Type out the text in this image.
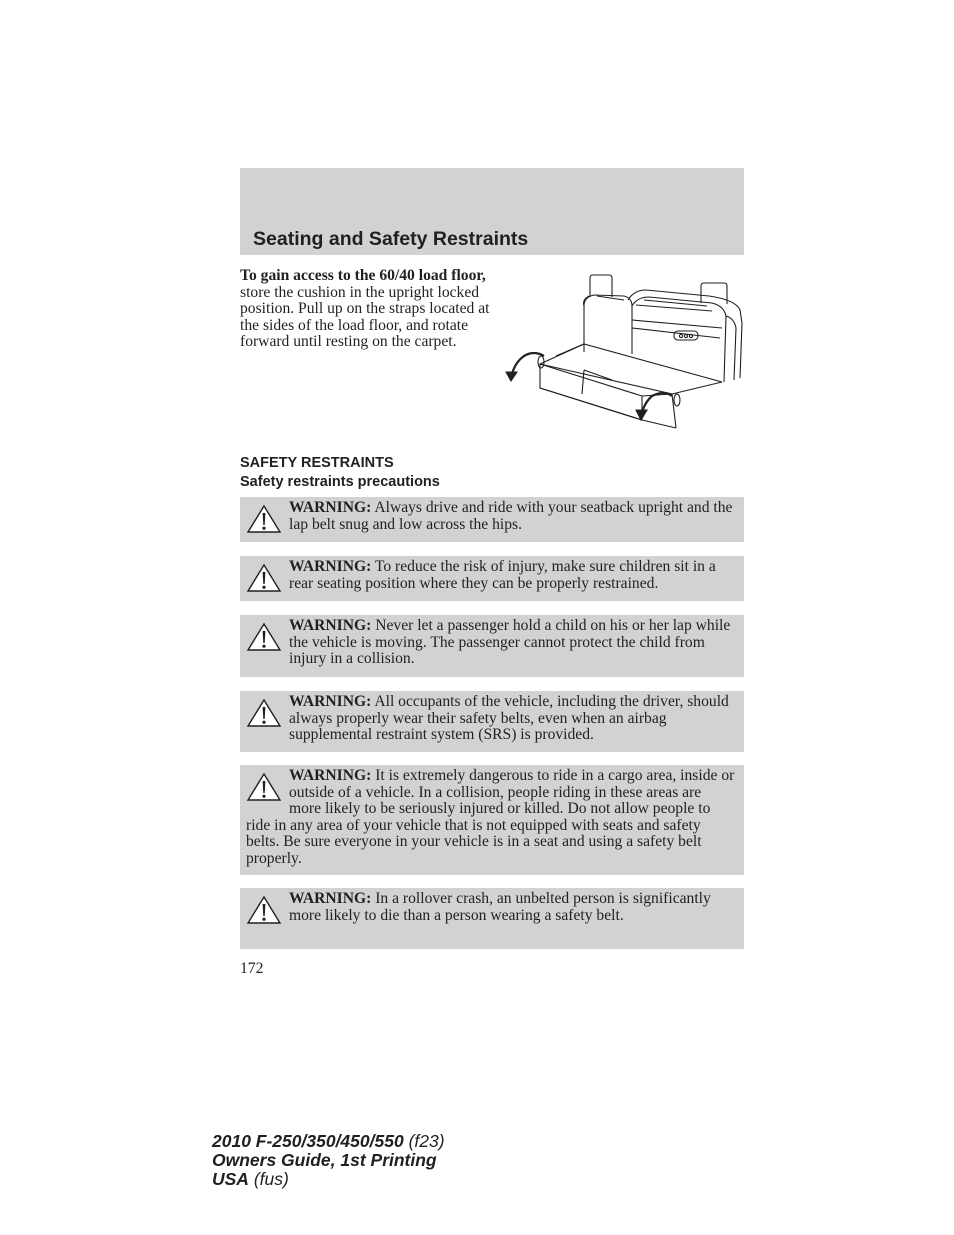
Seating and Safety Restraints
To gain access to the 60/40 load floor, store the cushion in the upright locked position. Pull up on the straps located at the sides of the load floor, and rotate forward until resting on the carpet.
SAFETY RESTRAINTS
Safety restraints precautions
WARNING: Always drive and ride with your seatback upright and the lap belt snug and low across the hips.
WARNING: To reduce the risk of injury, make sure children sit in a rear seating position where they can be properly restrained.
WARNING: Never let a passenger hold a child on his or her lap while the vehicle is moving. The passenger cannot protect the child from injury in a collision.
WARNING: All occupants of the vehicle, including the driver, should always properly wear their safety belts, even when an airbag supplemental restraint system (SRS) is provided.
WARNING: It is extremely dangerous to ride in a cargo area, inside or outside of a vehicle. In a collision, people riding in these areas are more likely to be seriously injured or killed. Do not allow people to ride in any area of your vehicle that is not equipped with seats and safety belts. Be sure everyone in your vehicle is in a seat and using a safety belt properly.
WARNING: In a rollover crash, an unbelted person is significantly more likely to die than a person wearing a safety belt.
172
2010 F-250/350/450/550 (f23)
Owners Guide, 1st Printing
USA (fus)
